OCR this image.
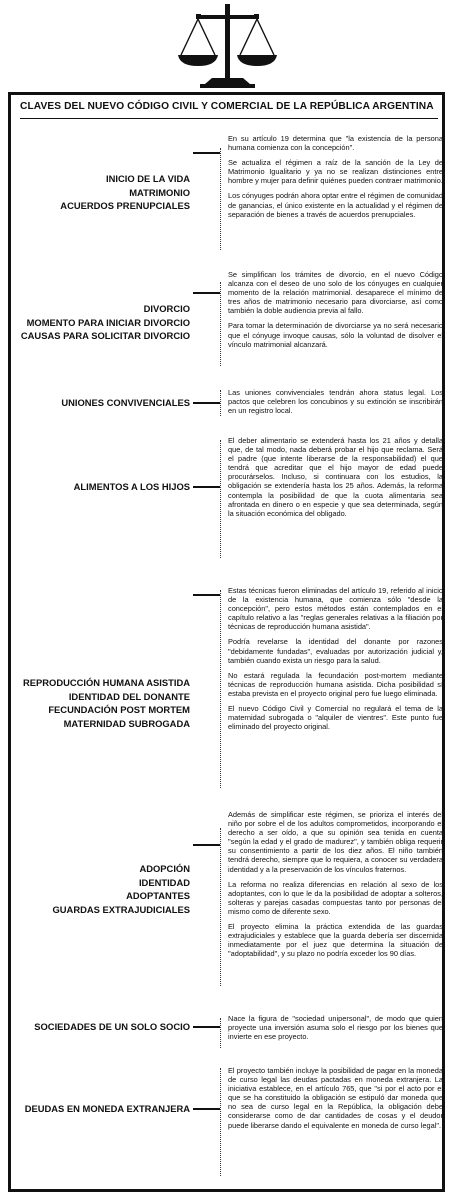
CLAVES DEL NUEVO CÓDIGO CIVIL Y COMERCIAL DE LA REPÚBLICA ARGENTINA
INICIO DE LA VIDA
MATRIMONIO
ACUERDOS PRENUPCIALES

En su artículo 19 determina que "la existencia de la persona humana comienza con la concepción".

Se actualiza el régimen a raíz de la sanción de la Ley de Matrimonio Igualitario y ya no se realizan distinciones entre hombre y mujer para definir quiénes pueden contraer matrimonio.

Los cónyuges podrán ahora optar entre el régimen de comunidad de ganancias, el único existente en la actualidad y el régimen de separación de bienes a través de acuerdos prenupciales.

DIVORCIO
MOMENTO PARA INICIAR DIVORCIO
CAUSAS PARA SOLICITAR DIVORCIO

Se simplifican los trámites de divorcio, en el nuevo Código alcanza con el deseo de uno solo de los cónyuges en cualquier momento de la relación matrimonial. desaparece el mínimo de tres años de matrimonio necesario para divorciarse, así como también la doble audiencia previa al fallo.

Para tomar la determinación de divorciarse ya no será necesario que el cónyuge invoque causas, sólo la voluntad de disolver el vínculo matrimonial alcanzará.

UNIONES CONVIVENCIALES

Las uniones convivenciales tendrán ahora status legal. Los pactos que celebren los concubinos y su extinción se inscribirán en un registro local.

ALIMENTOS A LOS HIJOS

El deber alimentario se extenderá hasta los 21 años y detalla que, de tal modo, nada deberá probar el hijo que reclama. Será el padre (que intente liberarse de la responsabilidad) el que tendrá que acreditar que el hijo mayor de edad puede procurárselos. Incluso, si continuara con los estudios, la obligación se extendería hasta los 25 años. Además, la reforma contempla la posibilidad de que la cuota alimentaria sea afrontada en dinero o en especie y que sea determinada, según la situación económica del obligado.

REPRODUCCIÓN HUMANA ASISTIDA
IDENTIDAD DEL DONANTE
FECUNDACIÓN POST MORTEM
MATERNIDAD SUBROGADA

Estas técnicas fueron eliminadas del artículo 19, referido al inicio de la existencia humana, que comienza sólo "desde la concepción", pero estos métodos están contemplados en el capítulo relativo a las "reglas generales relativas a la filiación por técnicas de reproducción humana asistida".

Podría revelarse la identidad del donante por razones "debidamente fundadas", evaluadas por autorización judicial y, también cuando exista un riesgo para la salud.

No estará regulada la fecundación post-mortem mediante técnicas de reproducción humana asistida. Dicha posibilidad sí estaba prevista en el proyecto original pero fue luego eliminada.

El nuevo Código Civil y Comercial no regulará el tema de la maternidad subrogada o "alquiler de vientres". Este punto fue eliminado del proyecto original.

ADOPCIÓN
IDENTIDAD
ADOPTANTES
GUARDAS EXTRAJUDICIALES

Además de simplificar este régimen, se prioriza el interés del niño por sobre el de los adultos comprometidos, incorporando el derecho a ser oído, a que su opinión sea tenida en cuenta "según la edad y el grado de madurez", y también obliga requerir su consentimiento a partir de los diez años. El niño también tendrá derecho, siempre que lo requiera, a conocer su verdadera identidad y a la preservación de los vínculos fraternos.

La reforma no realiza diferencias en relación al sexo de los adoptantes, con lo que le da la posibilidad de adoptar a solteros, solteras y parejas casadas compuestas tanto por personas del mismo como de diferente sexo.

El proyecto elimina la práctica extendida de las guardas extrajudiciales y establece que la guarda debería ser discernida inmediatamente por el juez que determina la situación de "adoptabilidad", y su plazo no podría exceder los 90 días.

SOCIEDADES DE UN SOLO SOCIO

Nace la figura de "sociedad unipersonal", de modo que quien proyecte una inversión asuma solo el riesgo por los bienes que invierte en ese proyecto.

DEUDAS EN MONEDA EXTRANJERA

El proyecto también incluye la posibilidad de pagar en la moneda de curso legal las deudas pactadas en moneda extranjera. La iniciativa establece, en el artículo 765, que "si por el acto por el que se ha constituido la obligación se estipuló dar moneda que no sea de curso legal en la República, la obligación debe considerarse como de dar cantidades de cosas y el deudor puede liberarse dando el equivalente en moneda de curso legal".
